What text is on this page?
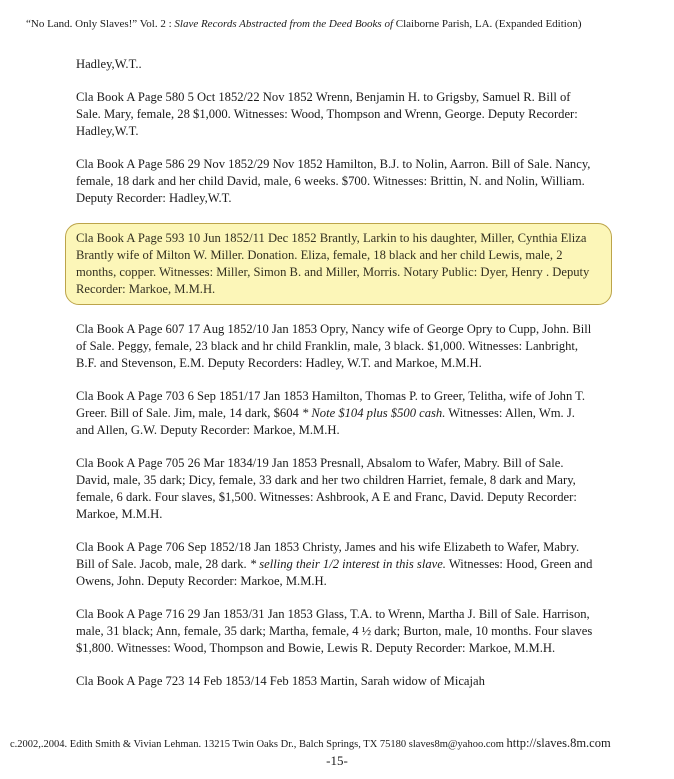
“No Land. Only Slaves!” Vol. 2 : Slave Records Abstracted from the Deed Books of Claiborne Parish, LA. (Expanded Edition)
Hadley,W.T..
Cla Book A Page 580 5 Oct 1852/22 Nov 1852 Wrenn, Benjamin H. to Grigsby, Samuel R. Bill of Sale. Mary, female, 28 $1,000. Witnesses: Wood, Thompson and Wrenn, George. Deputy Recorder: Hadley,W.T.
Cla Book A Page 586 29 Nov 1852/29 Nov 1852 Hamilton, B.J. to Nolin, Aarron. Bill of Sale. Nancy, female, 18 dark and her child David, male, 6 weeks. $700. Witnesses: Brittin, N. and Nolin, William. Deputy Recorder: Hadley,W.T.
Cla Book A Page 593 10 Jun 1852/11 Dec 1852 Brantly, Larkin to his daughter, Miller, Cynthia Eliza Brantly wife of Milton W. Miller. Donation. Eliza, female, 18 black and her child Lewis, male, 2 months, copper. Witnesses: Miller, Simon B. and Miller, Morris. Notary Public: Dyer, Henry . Deputy Recorder: Markoe, M.M.H.
Cla Book A Page 607 17 Aug 1852/10 Jan 1853 Opry, Nancy wife of George Opry to Cupp, John. Bill of Sale. Peggy, female, 23 black and hr child Franklin, male, 3 black. $1,000. Witnesses: Lanbright, B.F. and Stevenson, E.M. Deputy Recorders: Hadley, W.T. and Markoe, M.M.H.
Cla Book A Page 703 6 Sep 1851/17 Jan 1853 Hamilton, Thomas P. to Greer, Telitha, wife of John T. Greer. Bill of Sale. Jim, male, 14 dark, $604 * Note $104 plus $500 cash. Witnesses: Allen, Wm. J. and Allen, G.W. Deputy Recorder: Markoe, M.M.H.
Cla Book A Page 705 26 Mar 1834/19 Jan 1853 Presnall, Absalom to Wafer, Mabry. Bill of Sale. David, male, 35 dark; Dicy, female, 33 dark and her two children Harriet, female, 8 dark and Mary, female, 6 dark. Four slaves, $1,500. Witnesses: Ashbrook, A E and Franc, David. Deputy Recorder: Markoe, M.M.H.
Cla Book A Page 706 Sep 1852/18 Jan 1853 Christy, James and his wife Elizabeth to Wafer, Mabry. Bill of Sale. Jacob, male, 28 dark. * selling their 1/2 interest in this slave. Witnesses: Hood, Green and Owens, John. Deputy Recorder: Markoe, M.M.H.
Cla Book A Page 716 29 Jan 1853/31 Jan 1853 Glass, T.A. to Wrenn, Martha J. Bill of Sale. Harrison, male, 31 black; Ann, female, 35 dark; Martha, female, 4 ½ dark; Burton, male, 10 months. Four slaves $1,800. Witnesses: Wood, Thompson and Bowie, Lewis R. Deputy Recorder: Markoe, M.M.H.
Cla Book A Page 723 14 Feb 1853/14 Feb 1853 Martin, Sarah widow of Micajah
c.2002,.2004. Edith Smith & Vivian Lehman. 13215 Twin Oaks Dr., Balch Springs, TX 75180 slaves8m@yahoo.com http://slaves.8m.com
-15-
